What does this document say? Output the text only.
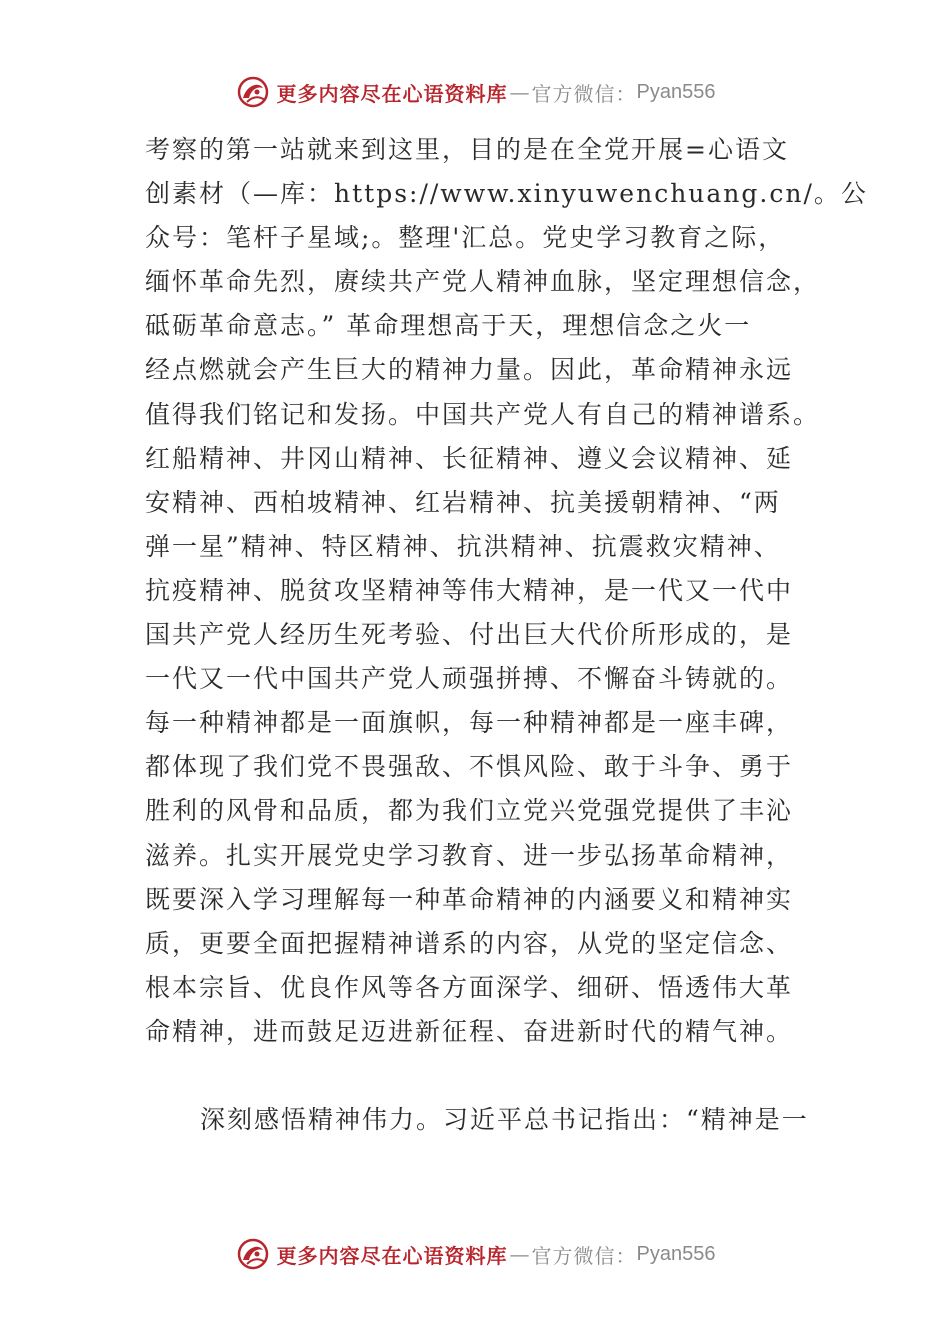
更多内容尽在心语资料库 — 官方微信： Pyan556
考察的第一站就来到这里，目的是在全党开展=心语文
创素材（—库：https://www.xinyuwenchuang.cn/。公
众号：笔杆子星域;。整理'汇总。党史学习教育之际，
缅怀革命先烈，赓续共产党人精神血脉，坚定理想信念，
砥砺革命意志。” 革命理想高于天，理想信念之火一
经点燃就会产生巨大的精神力量。因此，革命精神永远
值得我们铭记和发扬。中国共产党人有自己的精神谱系。
红船精神、井冈山精神、长征精神、遵义会议精神、延
安精神、西柏坡精神、红岩精神、抗美援朝精神、“两
弹一星”精神、特区精神、抗洪精神、抗震救灾精神、
抗疫精神、脱贫攻坚精神等伟大精神，是一代又一代中
国共产党人经历生死考验、付出巨大代价所形成的，是
一代又一代中国共产党人顽强拼搏、不懈奋斗铸就的。
每一种精神都是一面旗帜，每一种精神都是一座丰碑，
都体现了我们党不畏强敌、不惧风险、敢于斗争、勇于
胜利的风骨和品质，都为我们立党兴党强党提供了丰沁
滋养。扎实开展党史学习教育、进一步弘扬革命精神，
既要深入学习理解每一种革命精神的内涵要义和精神实
质，更要全面把握精神谱系的内容，从党的坚定信念、
根本宗旨、优良作风等各方面深学、细研、悟透伟大革
命精神，进而鼓足迈进新征程、奋进新时代的精气神。
深刻感悟精神伟力。习近平总书记指出：“精神是一
更多内容尽在心语资料库 — 官方微信： Pyan556
